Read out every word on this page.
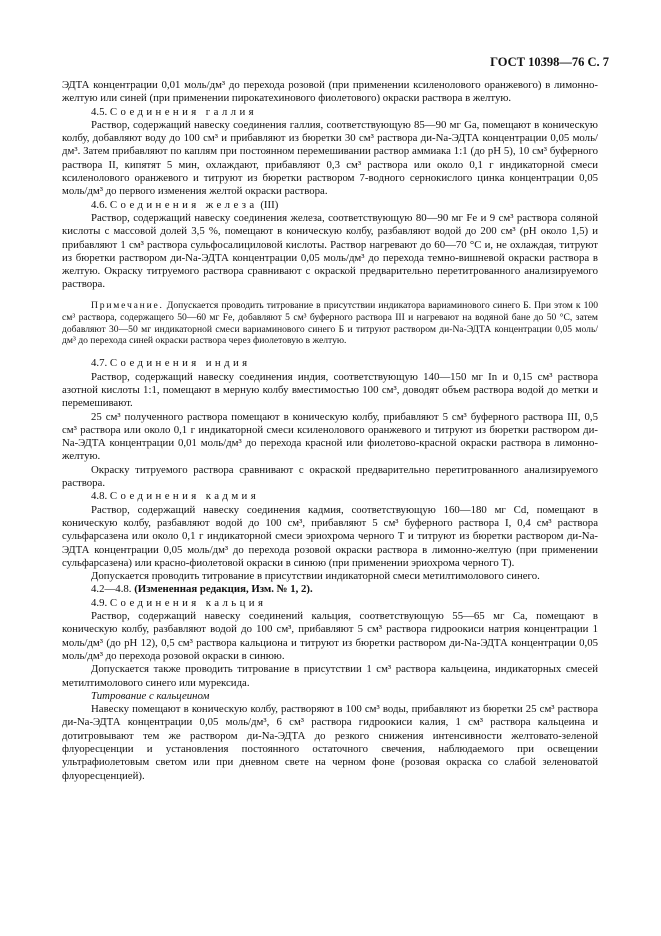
ГОСТ 10398—76 С. 7

ЭДТА концентрации 0,01 моль/дм³ до перехода розовой (при применении ксиленолового оранжевого) в лимонно-желтую или синей (при применении пирокатехинового фиолетового) окраски раствора в желтую.

4.5. Соединения галлия

Раствор, содержащий навеску соединения галлия, соответствующую 85—90 мг Ga, помещают в коническую колбу, добавляют воду до 100 см³ и прибавляют из бюретки 30 см³ раствора ди-Na-ЭДТА концентрации 0,05 моль/дм³. Затем прибавляют по каплям при постоянном перемешивании раствор аммиака 1:1 (до pH 5), 10 см³ буферного раствора II, кипятят 5 мин, охлаждают, прибавляют 0,3 см³ раствора или около 0,1 г индикаторной смеси ксиленолового оранжевого и титруют из бюретки раствором 7-водного сернокислого цинка концентрации 0,05 моль/дм³ до первого изменения желтой окраски раствора.

4.6. Соединения железа (III)

Раствор, содержащий навеску соединения железа, соответствующую 80—90 мг Fe и 9 см³ раствора соляной кислоты с массовой долей 3,5 %, помещают в коническую колбу, разбавляют водой до 200 см³ (pH около 1,5) и прибавляют 1 см³ раствора сульфосалициловой кислоты. Раствор нагревают до 60—70 °С и, не охлаждая, титруют из бюретки раствором ди-Na-ЭДТА концентрации 0,05 моль/дм³ до перехода темно-вишневой окраски раствора в желтую. Окраску титруемого раствора сравнивают с окраской предварительно перетитрованного анализируемого раствора.

Примечание. Допускается проводить титрование в присутствии индикатора вариаминового синего Б. При этом к 100 см³ раствора, содержащего 50—60 мг Fe, добавляют 5 см³ буферного раствора III и нагревают на водяной бане до 50 °С, затем добавляют 30—50 мг индикаторной смеси вариаминового синего Б и титруют раствором ди-Na-ЭДТА концентрации 0,05 моль/дм³ до перехода синей окраски раствора через фиолетовую в желтую.

4.7. Соединения индия

Раствор, содержащий навеску соединения индия, соответствующую 140—150 мг In и 0,15 см³ раствора азотной кислоты 1:1, помещают в мерную колбу вместимостью 100 см³, доводят объем раствора водой до метки и перемешивают.

25 см³ полученного раствора помещают в коническую колбу, прибавляют 5 см³ буферного раствора III, 0,5 см³ раствора или около 0,1 г индикаторной смеси ксиленолового оранжевого и титруют из бюретки раствором ди-Na-ЭДТА концентрации 0,01 моль/дм³ до перехода красной или фиолетово-красной окраски раствора в лимонно-желтую.

Окраску титруемого раствора сравнивают с окраской предварительно перетитрованного анализируемого раствора.

4.8. Соединения кадмия

Раствор, содержащий навеску соединения кадмия, соответствующую 160—180 мг Cd, помещают в коническую колбу, разбавляют водой до 100 см³, прибавляют 5 см³ буферного раствора I, 0,4 см³ раствора сульфарсазена или около 0,1 г индикаторной смеси эриохрома черного Т и титруют из бюретки раствором ди-Na-ЭДТА концентрации 0,05 моль/дм³ до перехода розовой окраски раствора в лимонно-желтую (при применении сульфарсазена) или красно-фиолетовой окраски в синюю (при применении эриохрома черного Т).

Допускается проводить титрование в присутствии индикаторной смеси метилтимолового синего.

4.2—4.8. (Измененная редакция, Изм. № 1, 2).

4.9. Соединения кальция

Раствор, содержащий навеску соединений кальция, соответствующую 55—65 мг Са, помещают в коническую колбу, разбавляют водой до 100 см³, прибавляют 5 см³ раствора гидроокиси натрия концентрации 1 моль/дм³ (до pH 12), 0,5 см³ раствора кальциона и титруют из бюретки раствором ди-Na-ЭДТА концентрации 0,05 моль/дм³ до перехода розовой окраски в синюю.

Допускается также проводить титрование в присутствии 1 см³ раствора кальцеина, индикаторных смесей метилтимолового синего или мурексида.

Титрование с кальцеином

Навеску помещают в коническую колбу, растворяют в 100 см³ воды, прибавляют из бюретки 25 см³ раствора ди-Na-ЭДТА концентрации 0,05 моль/дм³, 6 см³ раствора гидроокиси калия, 1 см³ раствора кальцеина и дотитровывают тем же раствором ди-Na-ЭДТА до резкого снижения интенсивности желтовато-зеленой флуоресценции и установления постоянного остаточного свечения, наблюдаемого при освещении ультрафиолетовым светом или при дневном свете на черном фоне (розовая окраска со слабой зеленоватой флуоресценцией).
